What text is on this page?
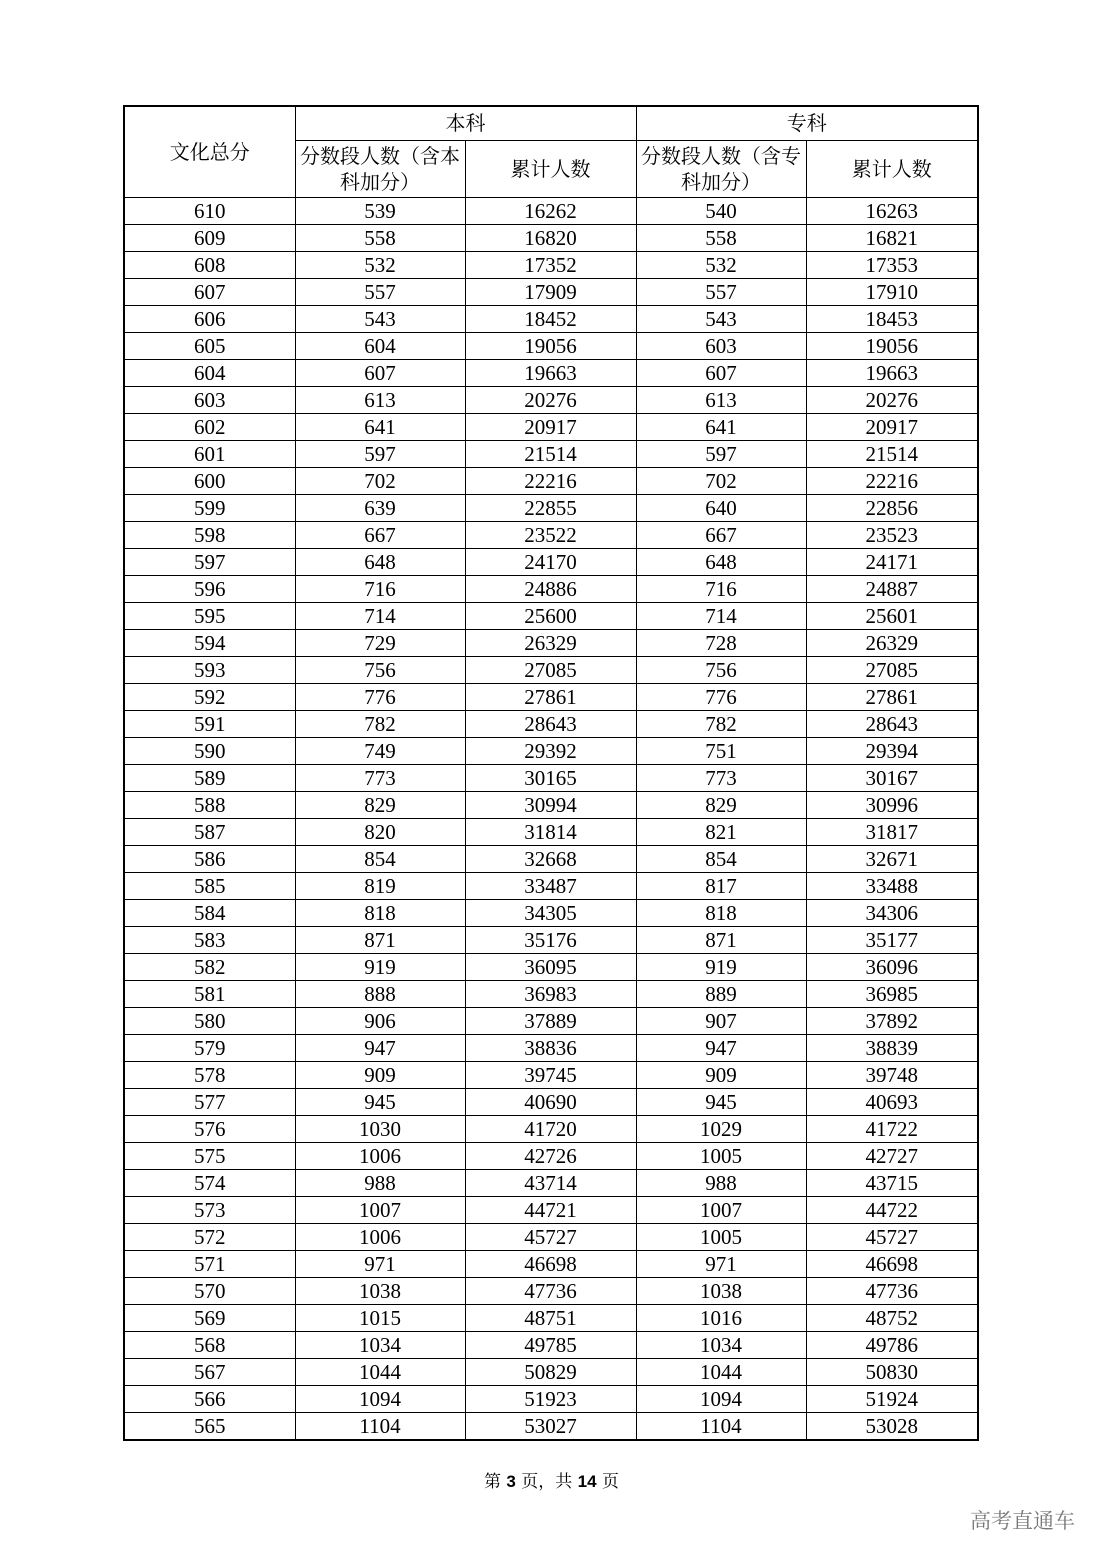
文化总分	本科		专科	
	分数段人数（含本科加分）	累计人数	分数段人数（含专科加分）	累计人数
610	539	16262	540	16263
609	558	16820	558	16821
608	532	17352	532	17353
607	557	17909	557	17910
606	543	18452	543	18453
605	604	19056	603	19056
604	607	19663	607	19663
603	613	20276	613	20276
602	641	20917	641	20917
601	597	21514	597	21514
600	702	22216	702	22216
599	639	22855	640	22856
598	667	23522	667	23523
597	648	24170	648	24171
596	716	24886	716	24887
595	714	25600	714	25601
594	729	26329	728	26329
593	756	27085	756	27085
592	776	27861	776	27861
591	782	28643	782	28643
590	749	29392	751	29394
589	773	30165	773	30167
588	829	30994	829	30996
587	820	31814	821	31817
586	854	32668	854	32671
585	819	33487	817	33488
584	818	34305	818	34306
583	871	35176	871	35177
582	919	36095	919	36096
581	888	36983	889	36985
580	906	37889	907	37892
579	947	38836	947	38839
578	909	39745	909	39748
577	945	40690	945	40693
576	1030	41720	1029	41722
575	1006	42726	1005	42727
574	988	43714	988	43715
573	1007	44721	1007	44722
572	1006	45727	1005	45727
571	971	46698	971	46698
570	1038	47736	1038	47736
569	1015	48751	1016	48752
568	1034	49785	1034	49786
567	1044	50829	1044	50830
566	1094	51923	1094	51924
565	1104	53027	1104	53028
第 3 页，共 14 页
高考直通车
